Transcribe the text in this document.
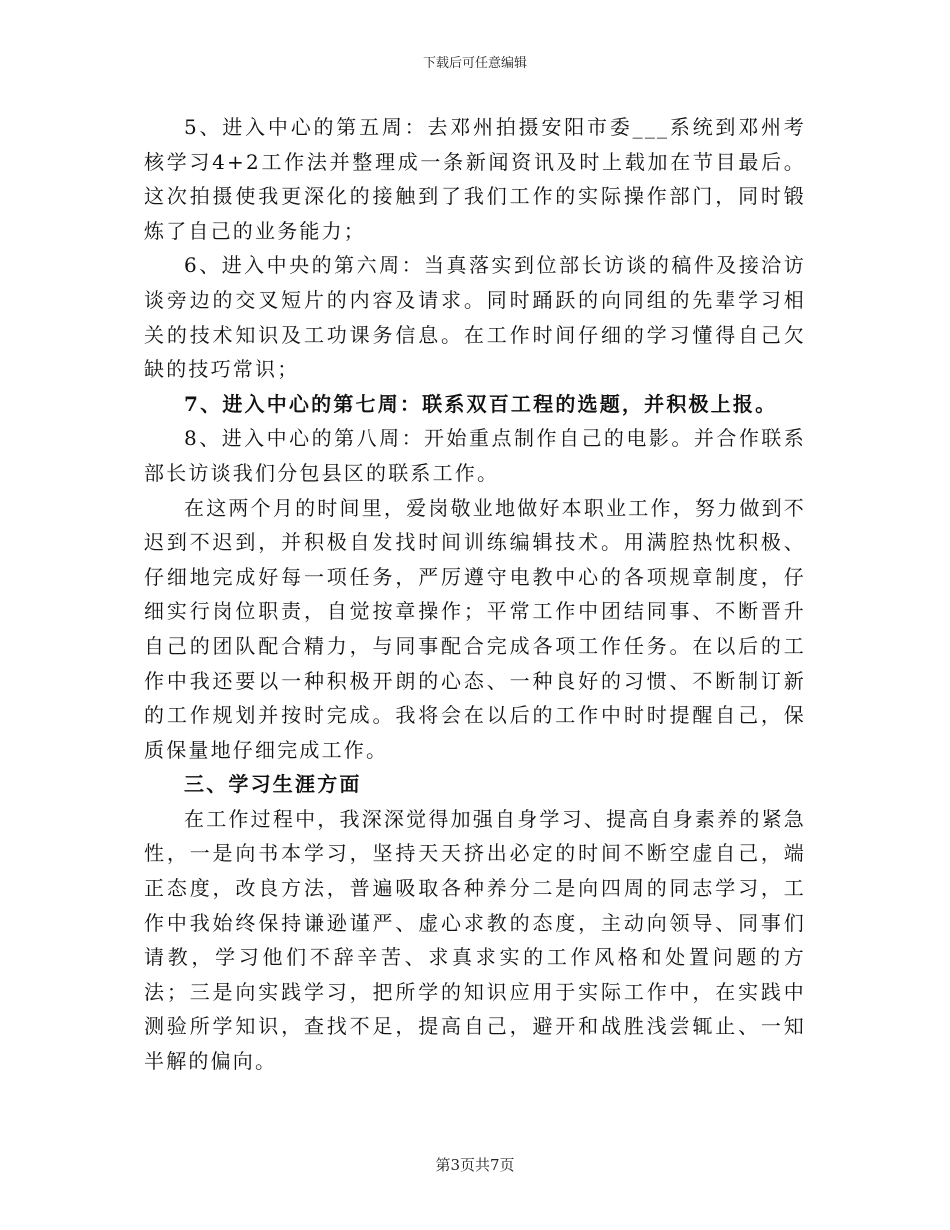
下载后可任意编辑

5、进入中心的第五周：去邓州拍摄安阳市委___系统到邓州考核学习4+2工作法并整理成一条新闻资讯及时上载加在节目最后。这次拍摄使我更深化的接触到了我们工作的实际操作部门，同时锻炼了自己的业务能力；

6、进入中央的第六周：当真落实到位部长访谈的稿件及接洽访谈旁边的交叉短片的内容及请求。同时踊跃的向同组的先辈学习相关的技术知识及工功课务信息。在工作时间仔细的学习懂得自己欠缺的技巧常识；

7、进入中心的第七周：联系双百工程的选题，并积极上报。

8、进入中心的第八周：开始重点制作自己的电影。并合作联系部长访谈我们分包县区的联系工作。

在这两个月的时间里，爱岗敬业地做好本职业工作，努力做到不迟到不迟到，并积极自发找时间训练编辑技术。用满腔热忱积极、仔细地完成好每一项任务，严厉遵守电教中心的各项规章制度，仔细实行岗位职责，自觉按章操作；平常工作中团结同事、不断晋升自己的团队配合精力，与同事配合完成各项工作任务。在以后的工作中我还要以一种积极开朗的心态、一种良好的习惯、不断制订新的工作规划并按时完成。我将会在以后的工作中时时提醒自己，保质保量地仔细完成工作。

三、学习生涯方面

在工作过程中，我深深觉得加强自身学习、提高自身素养的紧急性，一是向书本学习，坚持天天挤出必定的时间不断空虚自己，端正态度，改良方法，普遍吸取各种养分二是向四周的同志学习，工作中我始终保持谦逊谨严、虚心求教的态度，主动向领导、同事们请教，学习他们不辞辛苦、求真求实的工作风格和处置问题的方法；三是向实践学习，把所学的知识应用于实际工作中，在实践中测验所学知识，查找不足，提高自己，避开和战胜浅尝辄止、一知半解的偏向。

第3页共7页
